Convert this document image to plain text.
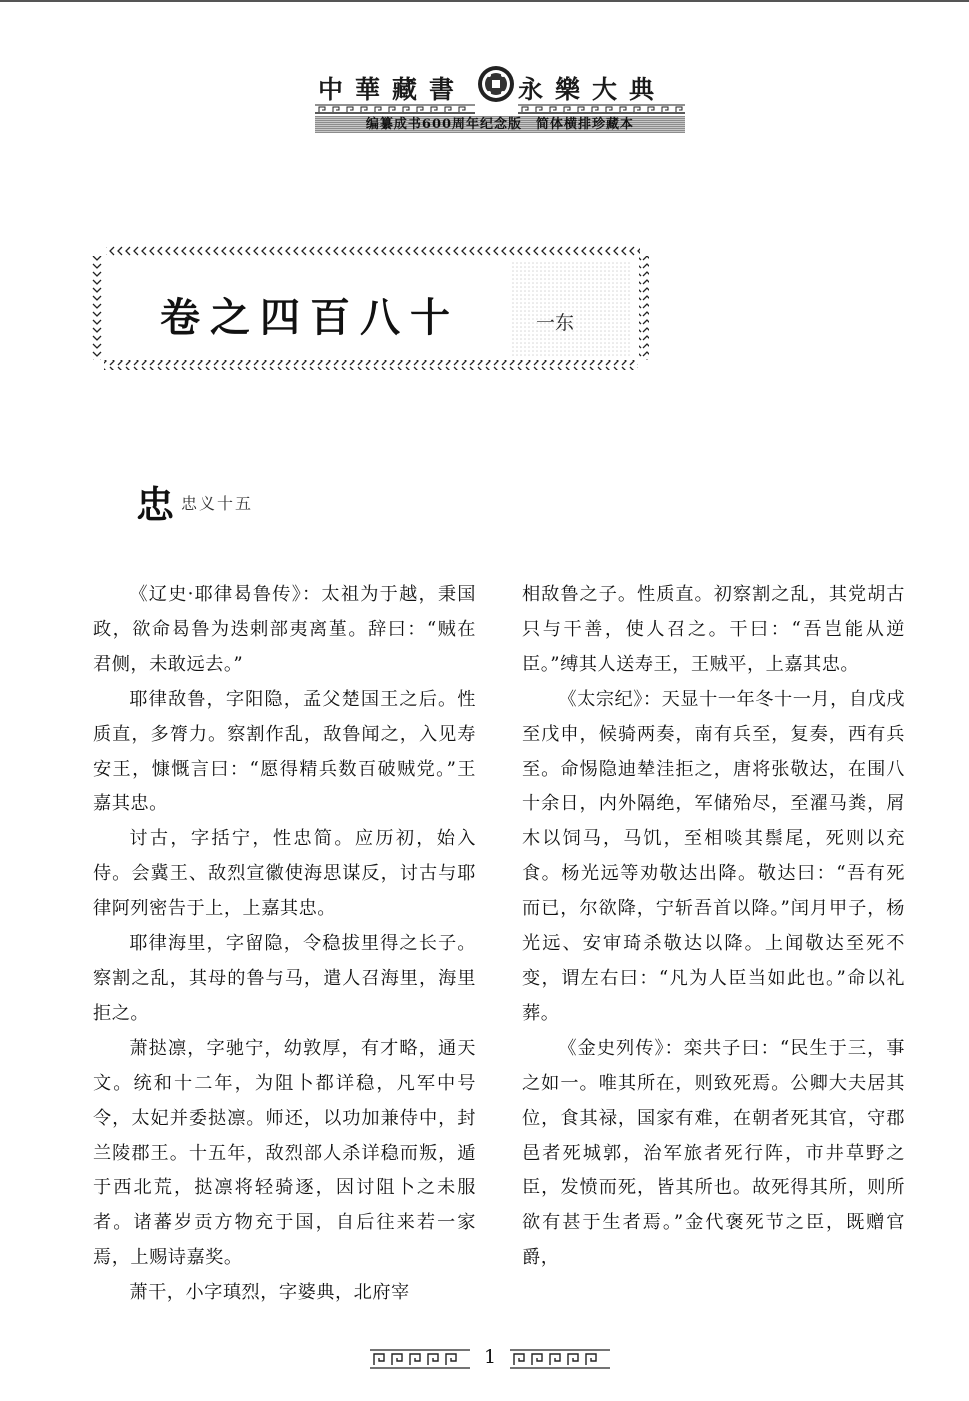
中華藏書 永樂大典
编纂成书600周年纪念版　简体横排珍藏本
卷之四百八十	一东
忠 忠义十五

《辽史·耶律曷鲁传》：太祖为于越，秉国政，欲命曷鲁为迭剌部夷离堇。辞曰：“贼在君侧，未敢远去。”

耶律敌鲁，字阳隐，孟父楚国王之后。性质直，多膂力。察割作乱，敌鲁闻之，入见寿安王，慷慨言曰：“愿得精兵数百破贼党。”王嘉其忠。

讨古，字括宁，性忠简。应历初，始入侍。会冀王、敌烈宣徽使海思谋反，讨古与耶律阿列密告于上，上嘉其忠。

耶律海里，字留隐，令稳拔里得之长子。察割之乱，其母的鲁与马，遣人召海里，海里拒之。

萧挞凛，字驰宁，幼敦厚，有才略，通天文。统和十二年，为阻卜都详稳，凡军中号令，太妃并委挞凛。师还，以功加兼侍中，封兰陵郡王。十五年，敌烈部人杀详稳而叛，遁于西北荒，挞凛将轻骑逐，因讨阻卜之未服者。诸蕃岁贡方物充于国，自后往来若一家焉，上赐诗嘉奖。

萧干，小字瑱烈，字婆典，北府宰

相敌鲁之子。性质直。初察割之乱，其党胡古只与干善，使人召之。干曰：“吾岂能从逆臣。”缚其人送寿王，王贼平，上嘉其忠。

《太宗纪》：天显十一年冬十一月，自戊戌至戊申，候骑两奏，南有兵至，复奏，西有兵至。命惕隐迪辇洼拒之，唐将张敬达，在围八十余日，内外隔绝，军储殆尽，至濯马粪，屑木以饲马，马饥，至相啖其鬃尾，死则以充食。杨光远等劝敬达出降。敬达曰：“吾有死而已，尔欲降，宁斩吾首以降。”闰月甲子，杨光远、安审琦杀敬达以降。上闻敬达至死不变，谓左右曰：“凡为人臣当如此也。”命以礼葬。

《金史列传》：栾共子曰：“民生于三，事之如一。唯其所在，则致死焉。公卿大夫居其位，食其禄，国家有难，在朝者死其官，守郡邑者死城郭，治军旅者死行阵，市井草野之臣，发愤而死，皆其所也。故死得其所，则所欲有甚于生者焉。”金代褒死节之臣，既赠官爵，

1
